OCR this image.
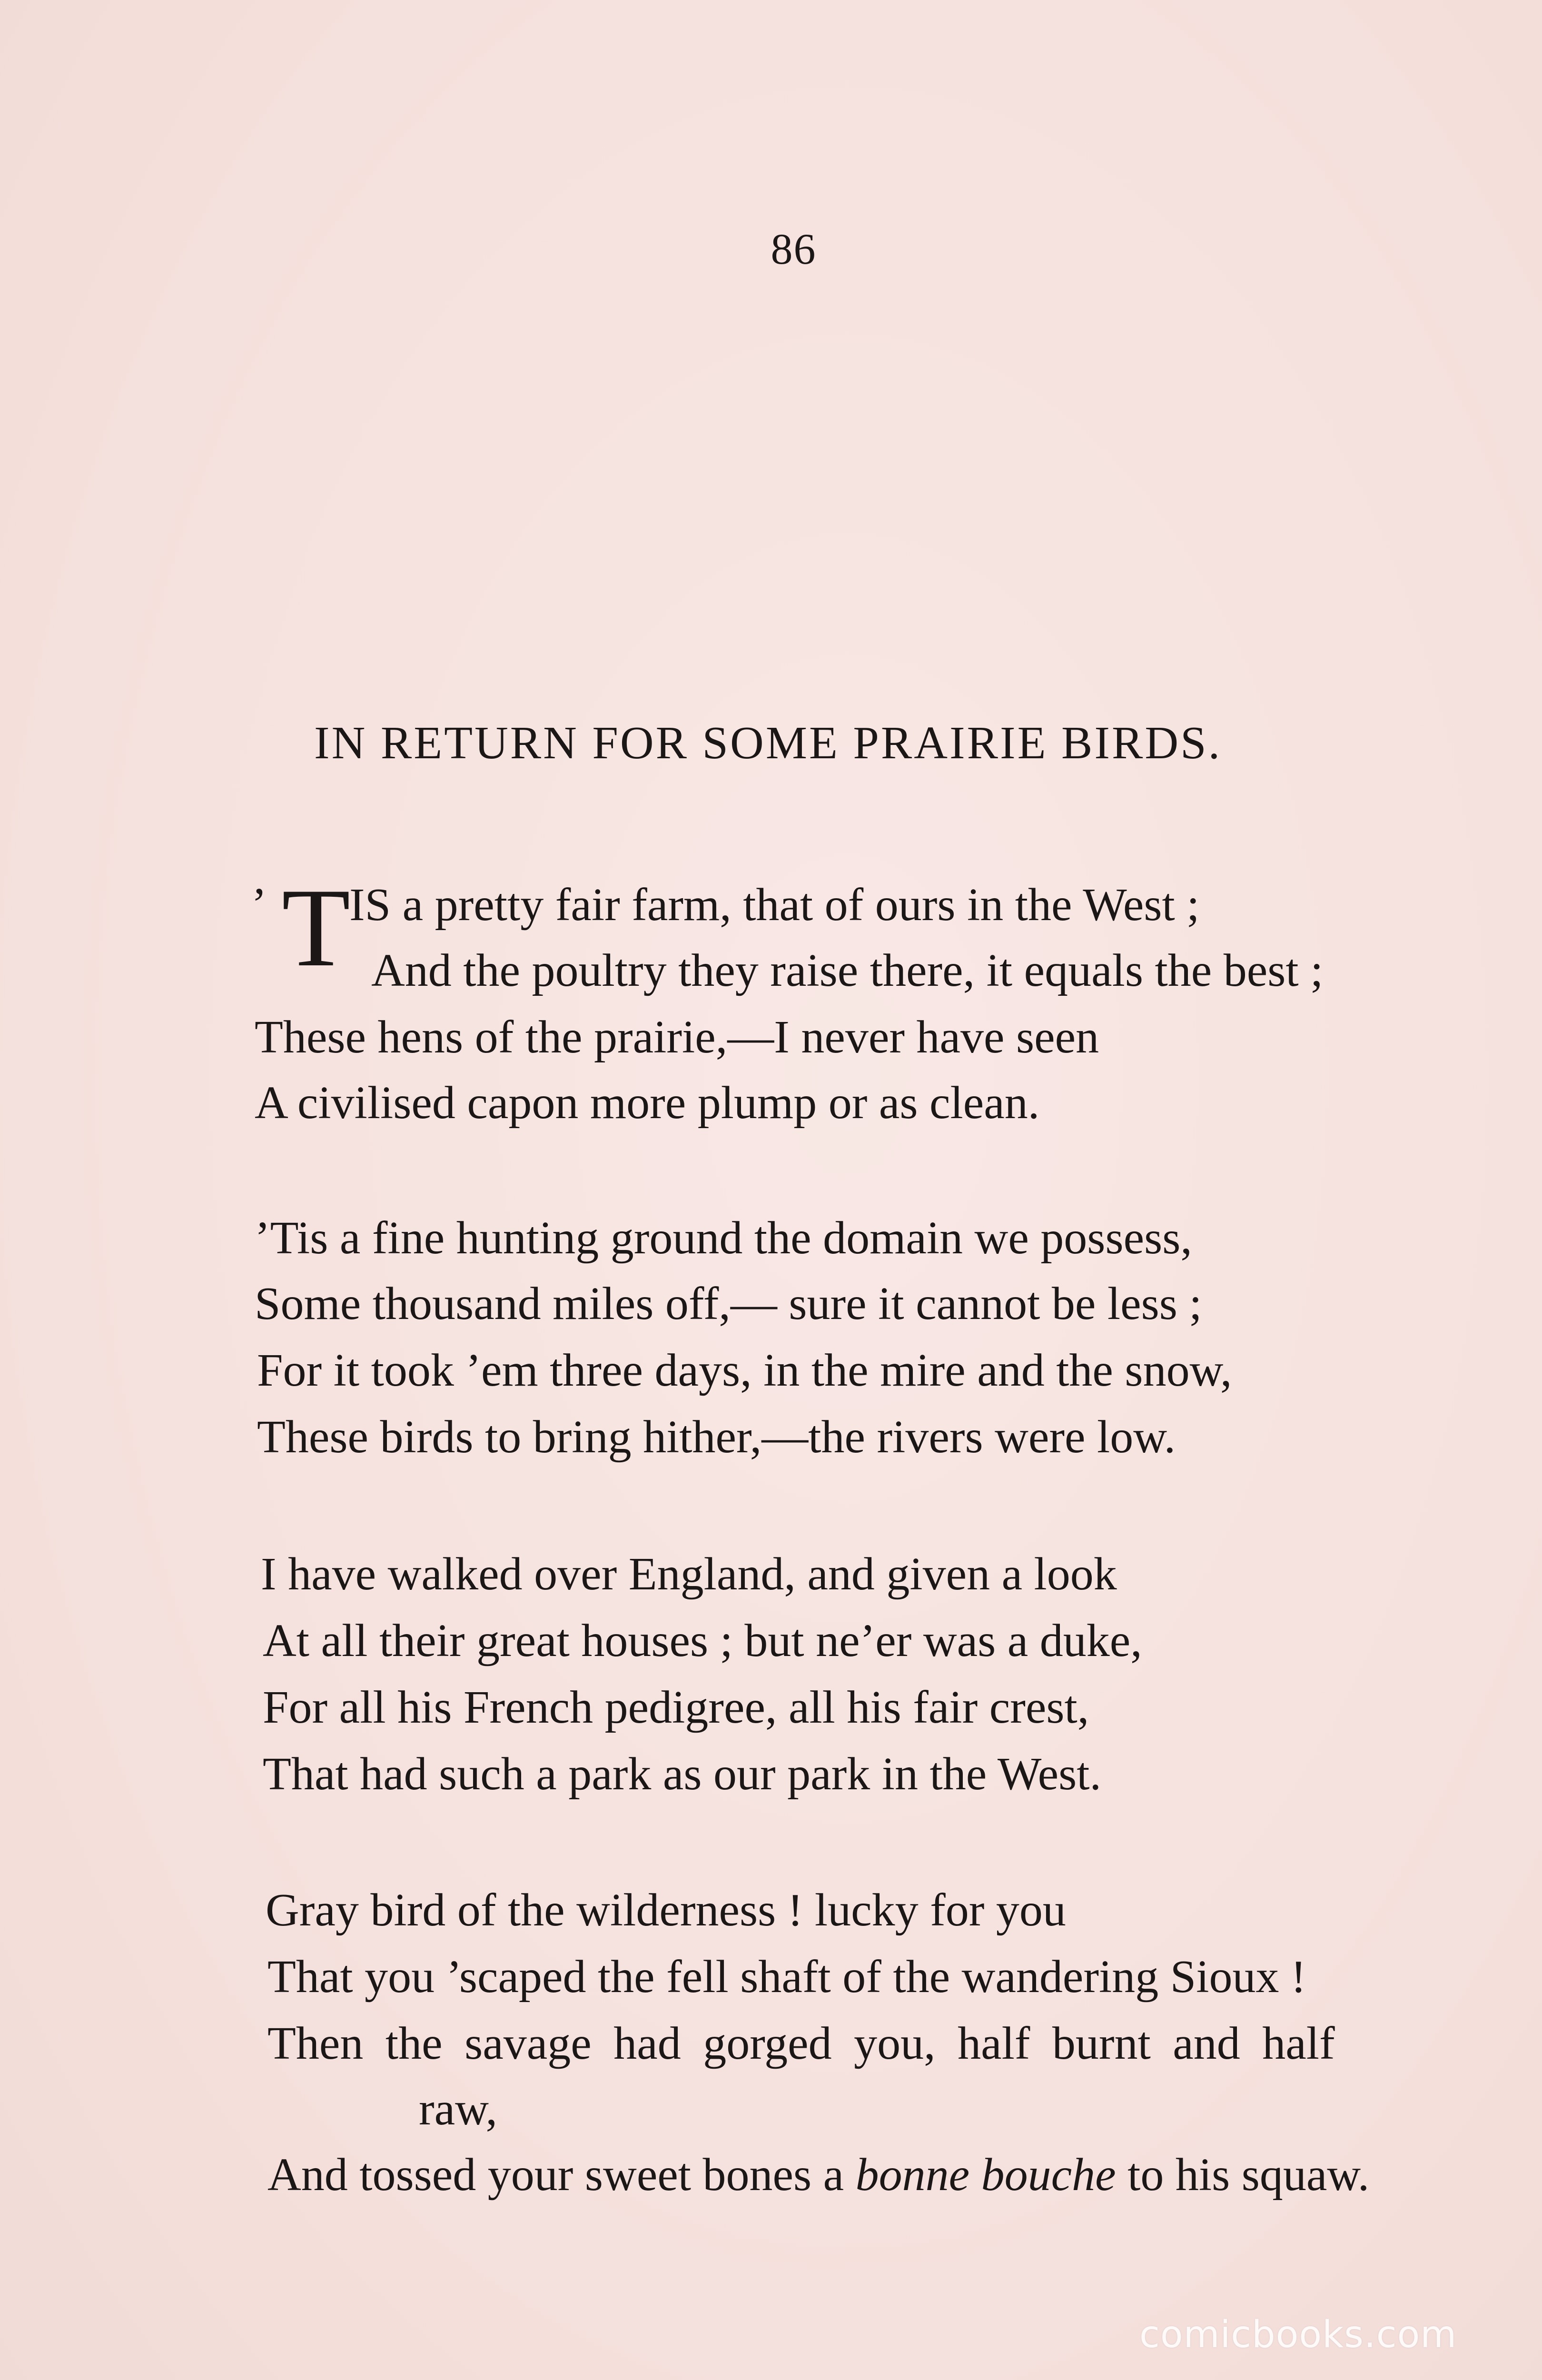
86
IN RETURN FOR SOME PRAIRIE BIRDS.
’ T
IS a pretty fair farm, that of ours in the West ;
And the poultry they raise there, it equals the best ;
These hens of the prairie,—I never have seen
A civilised capon more plump or as clean.
’Tis a fine hunting ground the domain we possess,
Some thousand miles off,— sure it cannot be less ;
For it took ’em three days, in the mire and the snow,
These birds to bring hither,—the rivers were low.
I have walked over England, and given a look
At all their great houses ; but ne’er was a duke,
For all his French pedigree, all his fair crest,
That had such a park as our park in the West.
Gray bird of the wilderness ! lucky for you
That you ’scaped the fell shaft of the wandering Sioux !
Then the savage had gorged you, half burnt and half
raw,
And tossed your sweet bones a bonne bouche to his squaw.
comicbooks.com
